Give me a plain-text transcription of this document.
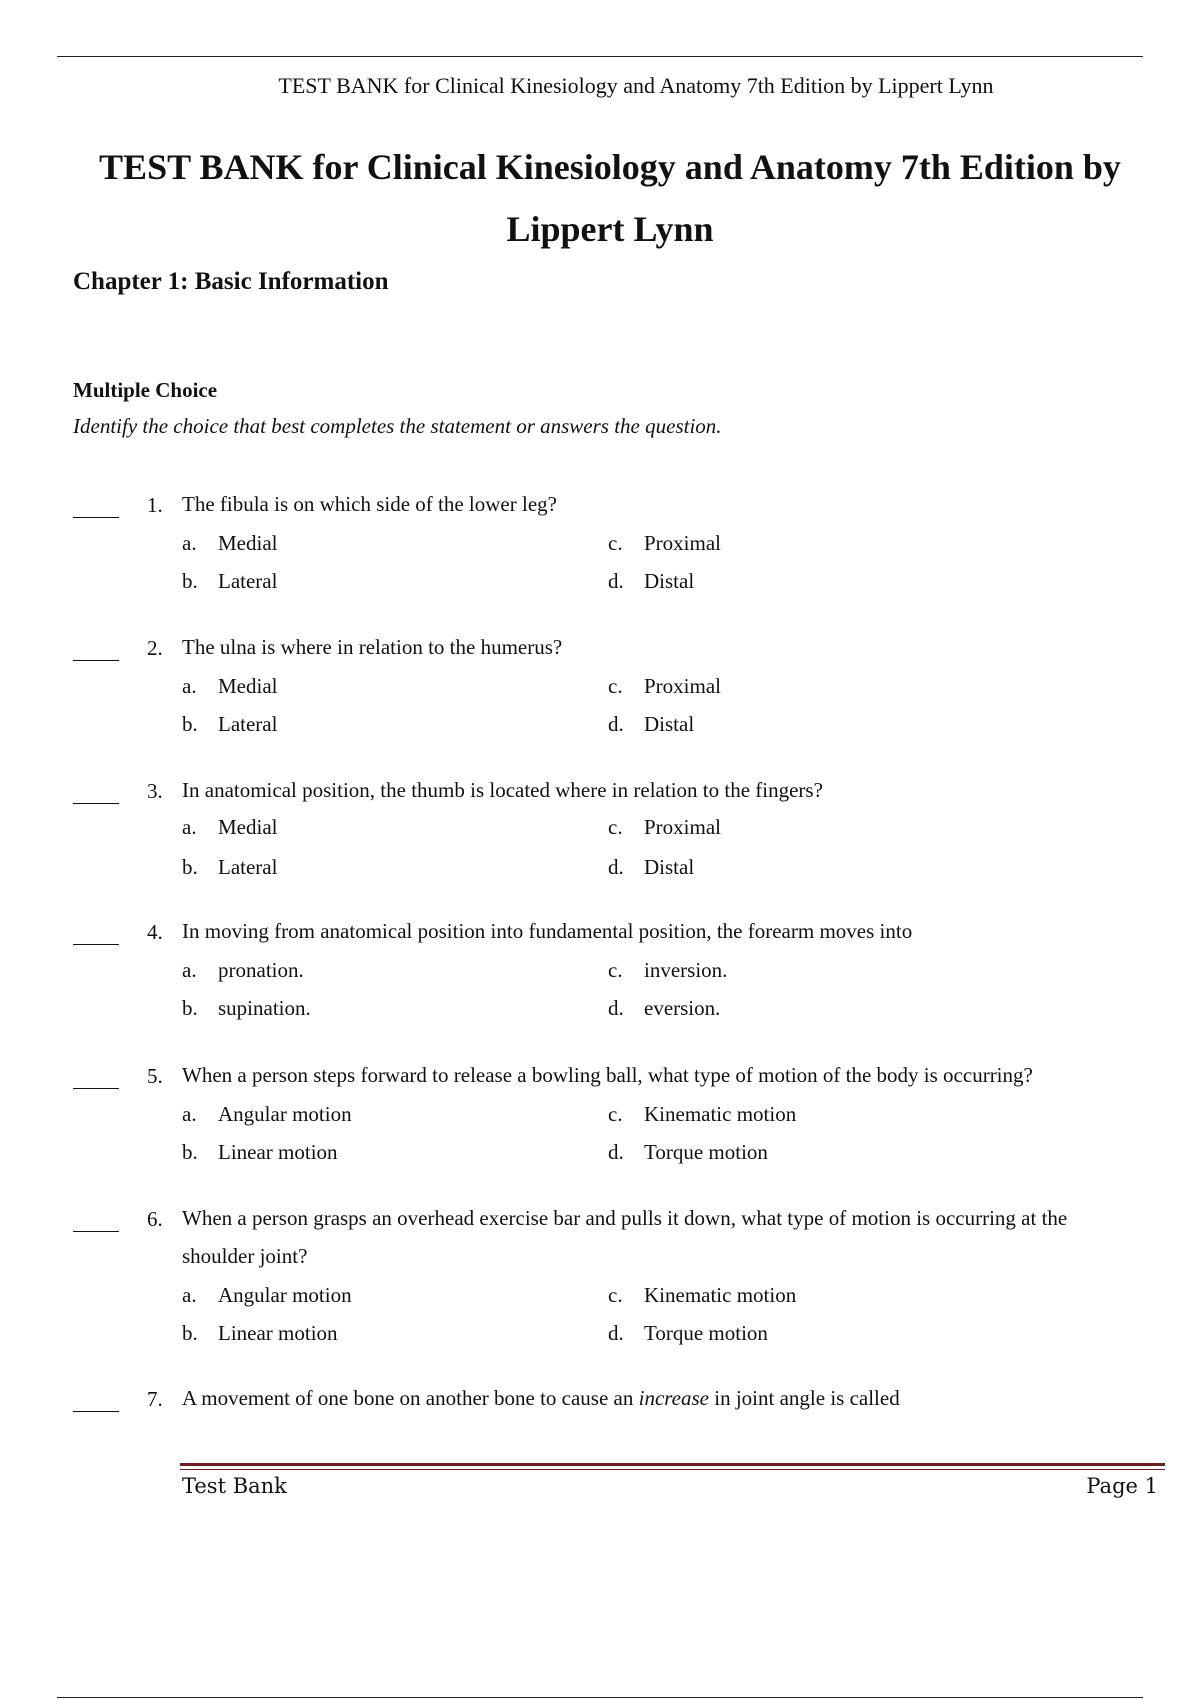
TEST BANK for Clinical Kinesiology and Anatomy 7th Edition by Lippert Lynn
TEST BANK for Clinical Kinesiology and Anatomy 7th Edition by Lippert Lynn
Chapter 1: Basic Information
Multiple Choice
Identify the choice that best completes the statement or answers the question.
1. The fibula is on which side of the lower leg?
a. Medial
b. Lateral
c. Proximal
d. Distal
2. The ulna is where in relation to the humerus?
a. Medial
b. Lateral
c. Proximal
d. Distal
3. In anatomical position, the thumb is located where in relation to the fingers?
a. Medial
b. Lateral
c. Proximal
d. Distal
4. In moving from anatomical position into fundamental position, the forearm moves into
a. pronation.
b. supination.
c. inversion.
d. eversion.
5. When a person steps forward to release a bowling ball, what type of motion of the body is occurring?
a. Angular motion
b. Linear motion
c. Kinematic motion
d. Torque motion
6. When a person grasps an overhead exercise bar and pulls it down, what type of motion is occurring at the shoulder joint?
a. Angular motion
b. Linear motion
c. Kinematic motion
d. Torque motion
7. A movement of one bone on another bone to cause an increase in joint angle is called
Test Bank	Page 1
